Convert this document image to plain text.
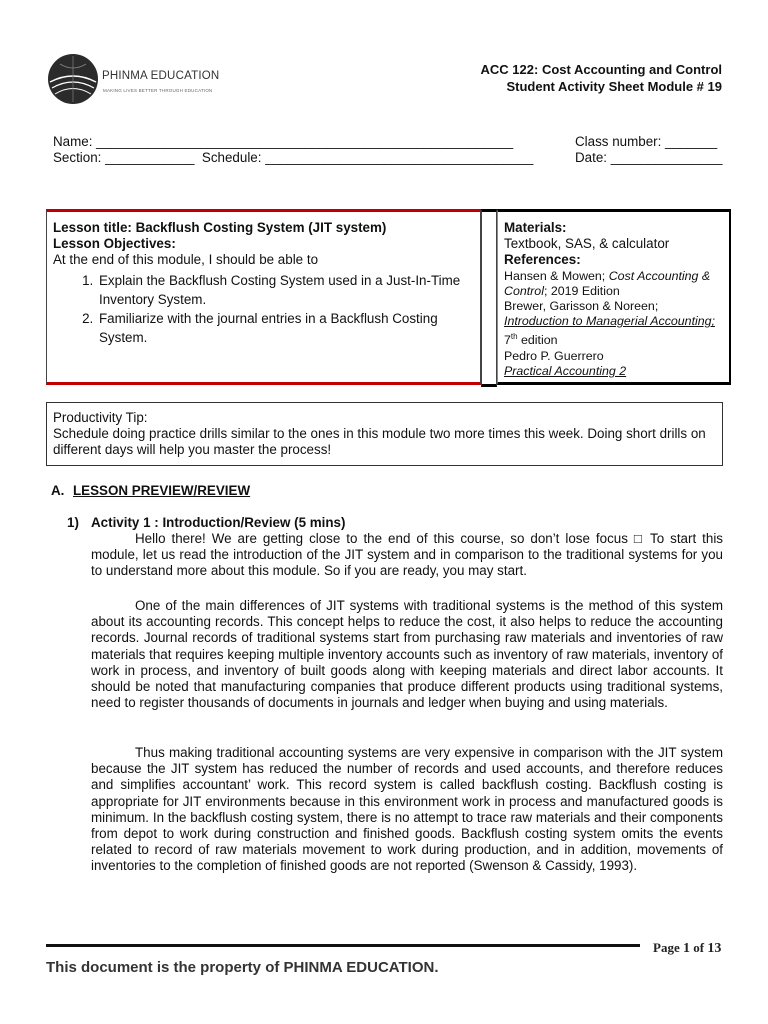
PHINMA EDUCATION
MAKING LIVES BETTER THROUGH EDUCATION
ACC 122: Cost Accounting and Control
Student Activity Sheet Module # 19
Name: ________________________________________________________	Class number: _______
Section: ____________  Schedule: ____________________________________	Date: _______________
Lesson title: Backflush Costing System (JIT system)
Lesson Objectives:
At the end of this module, I should be able to
1. Explain the Backflush Costing System used in a Just-In-Time Inventory System.
2. Familiarize with the journal entries in a Backflush Costing System.
Materials:
Textbook, SAS, & calculator
References:
Hansen & Mowen; Cost Accounting & Control; 2019 Edition
Brewer, Garisson & Noreen;
Introduction to Managerial Accounting;
7th edition
Pedro P. Guerrero
Practical Accounting 2
Productivity Tip:
Schedule doing practice drills similar to the ones in this module two more times this week. Doing short drills on different days will help you master the process!
A. LESSON PREVIEW/REVIEW
1) Activity 1 : Introduction/Review (5 mins)
Hello there! We are getting close to the end of this course, so don’t lose focus □ To start this module, let us read the introduction of the JIT system and in comparison to the traditional systems for you to understand more about this module. So if you are ready, you may start.
One of the main differences of JIT systems with traditional systems is the method of this system about its accounting records. This concept helps to reduce the cost, it also helps to reduce the accounting records. Journal records of traditional systems start from purchasing raw materials and inventories of raw materials that requires keeping multiple inventory accounts such as inventory of raw materials, inventory of work in process, and inventory of built goods along with keeping materials and direct labor accounts. It should be noted that manufacturing companies that produce different products using traditional systems, need to register thousands of documents in journals and ledger when buying and using materials.
Thus making traditional accounting systems are very expensive in comparison with the JIT system because the JIT system has reduced the number of records and used accounts, and therefore reduces and simplifies accountant’ work. This record system is called backflush costing. Backflush costing is appropriate for JIT environments because in this environment work in process and manufactured goods is minimum. In the backflush costing system, there is no attempt to trace raw materials and their components from depot to work during construction and finished goods. Backflush costing system omits the events related to record of raw materials movement to work during production, and in addition, movements of inventories to the completion of finished goods are not reported (Swenson & Cassidy, 1993).
Page 1 of 13
This document is the property of PHINMA EDUCATION.
